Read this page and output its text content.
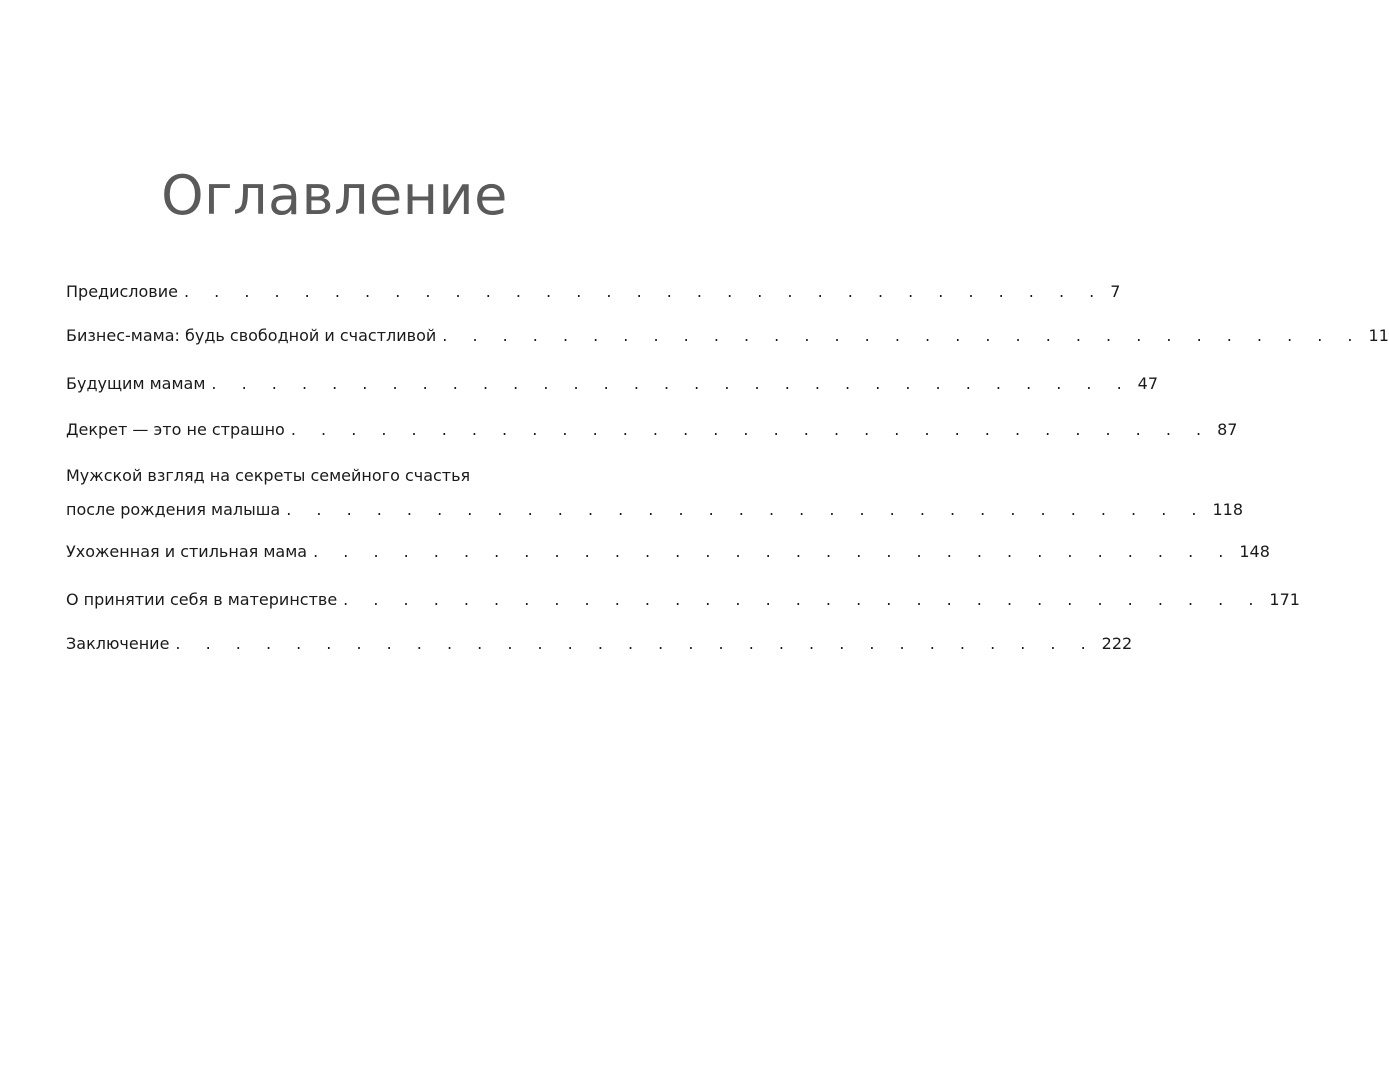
Оглавление
Предисловие . . . . . . . . . . . . . . . . . . . . . . . . . . . . . . . 7
Бизнес-мама: будь свободной и счастливой . . . . . . . . . . . . . . . . . . . . . . . . . . . . . . . 11
Будущим мамам . . . . . . . . . . . . . . . . . . . . . . . . . . . . . . . 47
Декрет — это не страшно . . . . . . . . . . . . . . . . . . . . . . . . . . . . . . . 87
Мужской взгляд на секреты семейного счастья
после рождения малыша . . . . . . . . . . . . . . . . . . . . . . . . . . . . . . . 118
Ухоженная и стильная мама . . . . . . . . . . . . . . . . . . . . . . . . . . . . . . . 148
О принятии себя в материнстве . . . . . . . . . . . . . . . . . . . . . . . . . . . . . . . 171
Заключение . . . . . . . . . . . . . . . . . . . . . . . . . . . . . . . 222
